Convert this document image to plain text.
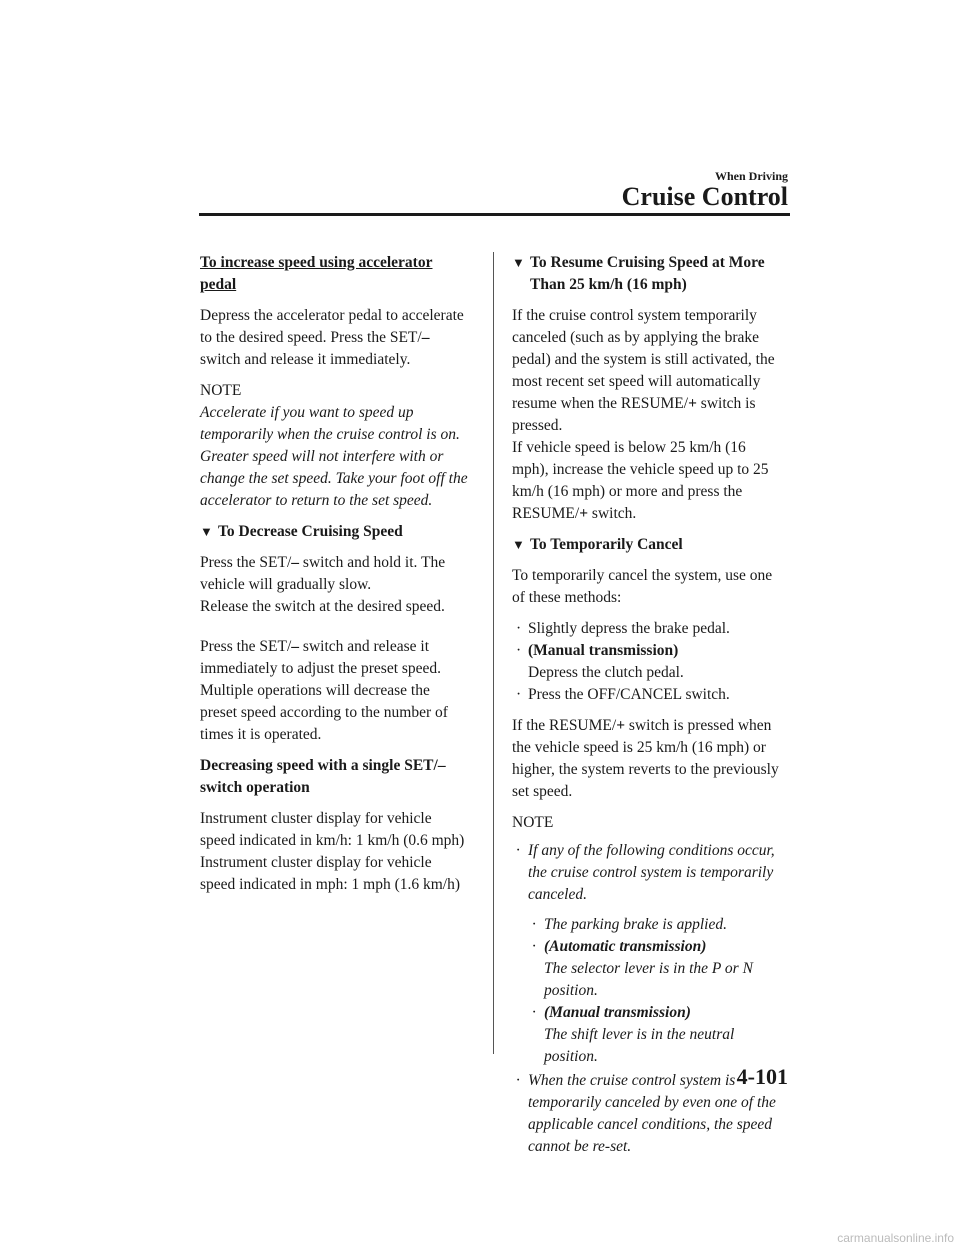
When Driving
Cruise Control

To increase speed using accelerator pedal

Depress the accelerator pedal to accelerate to the desired speed. Press the SET/– switch and release it immediately.

NOTE

Accelerate if you want to speed up temporarily when the cruise control is on. Greater speed will not interfere with or change the set speed. Take your foot off the accelerator to return to the set speed.

▼ To Decrease Cruising Speed

Press the SET/– switch and hold it. The vehicle will gradually slow.
Release the switch at the desired speed.

Press the SET/– switch and release it immediately to adjust the preset speed. Multiple operations will decrease the preset speed according to the number of times it is operated.

Decreasing speed with a single SET/– switch operation

Instrument cluster display for vehicle speed indicated in km/h: 1 km/h (0.6 mph)
Instrument cluster display for vehicle speed indicated in mph: 1 mph (1.6 km/h)

▼ To Resume Cruising Speed at More Than 25 km/h (16 mph)

If the cruise control system temporarily canceled (such as by applying the brake pedal) and the system is still activated, the most recent set speed will automatically resume when the RESUME/+ switch is pressed.
If vehicle speed is below 25 km/h (16 mph), increase the vehicle speed up to 25 km/h (16 mph) or more and press the RESUME/+ switch.

▼ To Temporarily Cancel

To temporarily cancel the system, use one of these methods:

· Slightly depress the brake pedal.
· (Manual transmission)
Depress the clutch pedal.
· Press the OFF/CANCEL switch.

If the RESUME/+ switch is pressed when the vehicle speed is 25 km/h (16 mph) or higher, the system reverts to the previously set speed.

NOTE

· If any of the following conditions occur, the cruise control system is temporarily canceled.
· The parking brake is applied.
· (Automatic transmission)
The selector lever is in the P or N position.
· (Manual transmission)
The shift lever is in the neutral position.
· When the cruise control system is temporarily canceled by even one of the applicable cancel conditions, the speed cannot be re-set.
4-101
carmanualsonline.info
